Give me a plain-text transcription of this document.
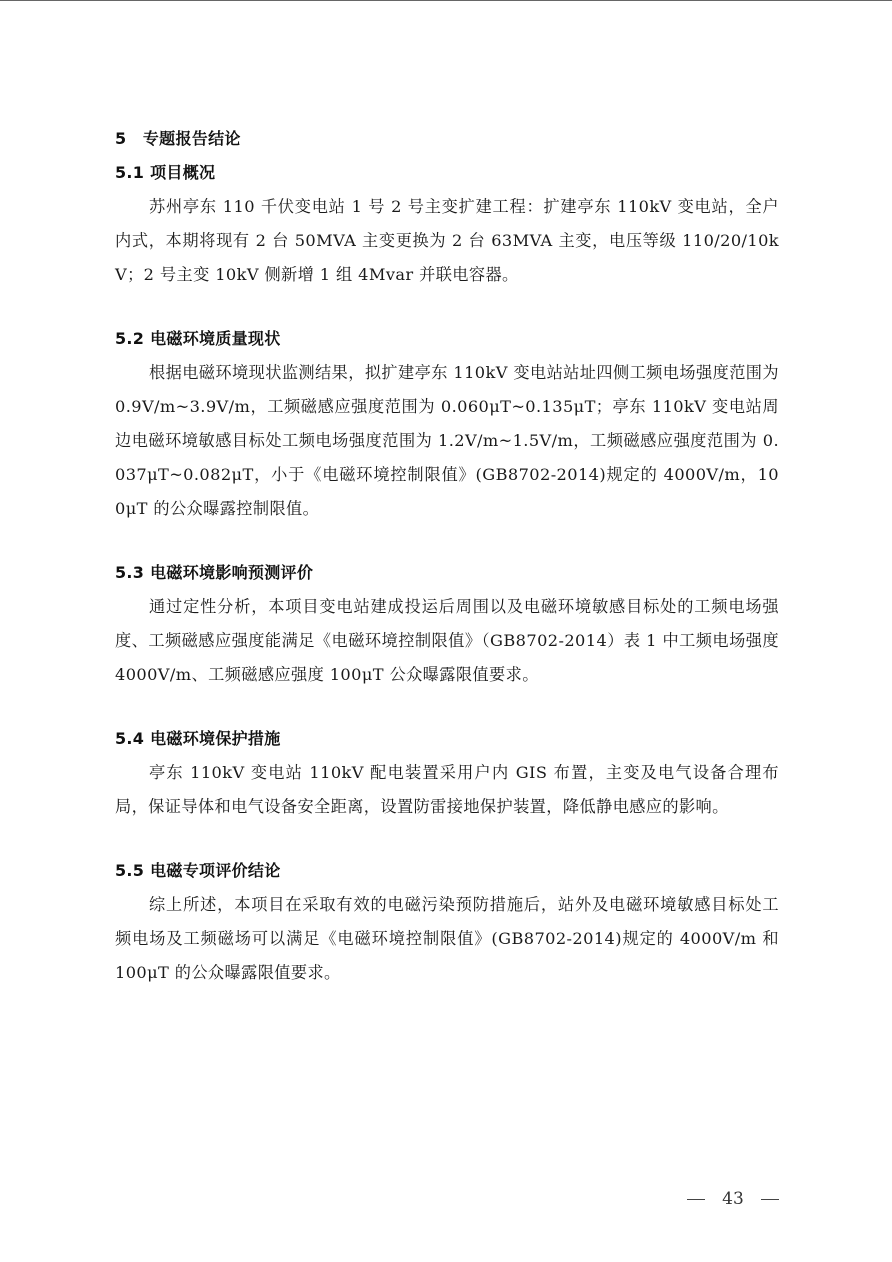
5 专题报告结论
5.1 项目概况

苏州亭东 110 千伏变电站 1 号 2 号主变扩建工程：扩建亭东 110kV 变电站，全户内式，本期将现有 2 台 50MVA 主变更换为 2 台 63MVA 主变，电压等级 110/20/10kV；2 号主变 10kV 侧新增 1 组 4Mvar 并联电容器。

5.2 电磁环境质量现状

根据电磁环境现状监测结果，拟扩建亭东 110kV 变电站站址四侧工频电场强度范围为 0.9V/m~3.9V/m，工频磁感应强度范围为 0.060μT~0.135μT；亭东 110kV 变电站周边电磁环境敏感目标处工频电场强度范围为 1.2V/m~1.5V/m，工频磁感应强度范围为 0.037μT~0.082μT，小于《电磁环境控制限值》(GB8702-2014)规定的 4000V/m，100μT 的公众曝露控制限值。

5.3 电磁环境影响预测评价

通过定性分析，本项目变电站建成投运后周围以及电磁环境敏感目标处的工频电场强度、工频磁感应强度能满足《电磁环境控制限值》（GB8702-2014）表 1 中工频电场强度 4000V/m、工频磁感应强度 100μT 公众曝露限值要求。

5.4 电磁环境保护措施

亭东 110kV 变电站 110kV 配电装置采用户内 GIS 布置，主变及电气设备合理布局，保证导体和电气设备安全距离，设置防雷接地保护装置，降低静电感应的影响。

5.5 电磁专项评价结论

综上所述，本项目在采取有效的电磁污染预防措施后，站外及电磁环境敏感目标处工频电场及工频磁场可以满足《电磁环境控制限值》(GB8702-2014)规定的 4000V/m 和 100μT 的公众曝露限值要求。

43
